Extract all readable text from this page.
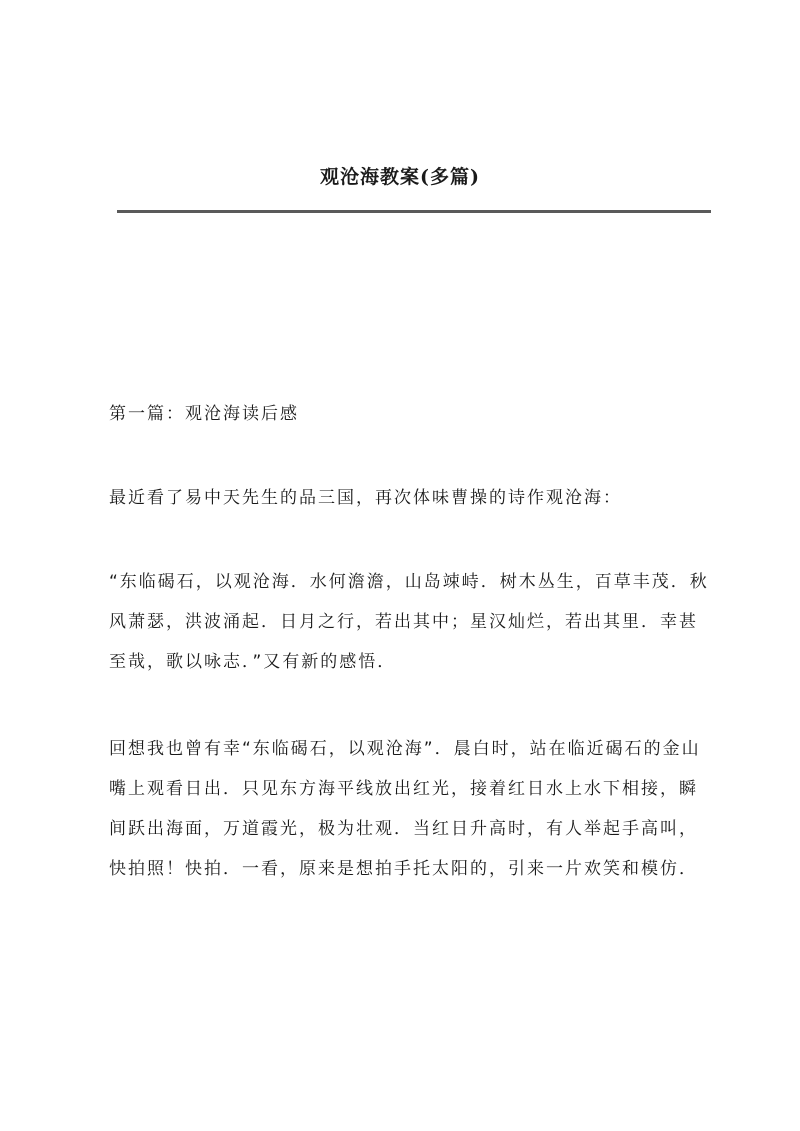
观沧海教案(多篇)

第一篇：观沧海读后感

最近看了易中天先生的品三国，再次体味曹操的诗作观沧海：

“东临碣石，以观沧海．水何澹澹，山岛竦峙．树木丛生，百草丰茂．秋风萧瑟，洪波涌起．日月之行，若出其中；星汉灿烂，若出其里．幸甚至哉，歌以咏志．”又有新的感悟．

回想我也曾有幸“东临碣石，以观沧海”．晨白时，站在临近碣石的金山嘴上观看日出．只见东方海平线放出红光，接着红日水上水下相接，瞬间跃出海面，万道霞光，极为壮观．当红日升高时，有人举起手高叫，快拍照！快拍．一看，原来是想拍手托太阳的，引来一片欢笑和模仿．
